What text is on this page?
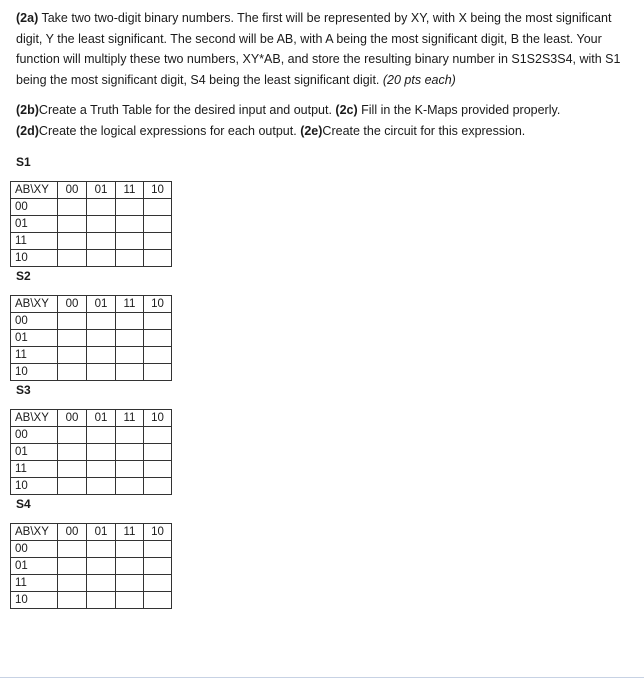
(2a) Take two two-digit binary numbers. The first will be represented by XY, with X being the most significant digit, Y the least significant. The second will be AB, with A being the most significant digit, B the least. Your function will multiply these two numbers, XY*AB, and store the resulting binary number in S1S2S3S4, with S1 being the most significant digit, S4 being the least significant digit. (20 pts each)

(2b)Create a Truth Table for the desired input and output. (2c) Fill in the K-Maps provided properly.
(2d)Create the logical expressions for each output. (2e)Create the circuit for this expression.

S1

AB\XY	00	01	11	10
00				
01				
11				
10				

S2

AB\XY	00	01	11	10
00				
01				
11				
10				

S3

AB\XY	00	01	11	10
00				
01				
11				
10				

S4

AB\XY	00	01	11	10
00				
01				
11				
10				
